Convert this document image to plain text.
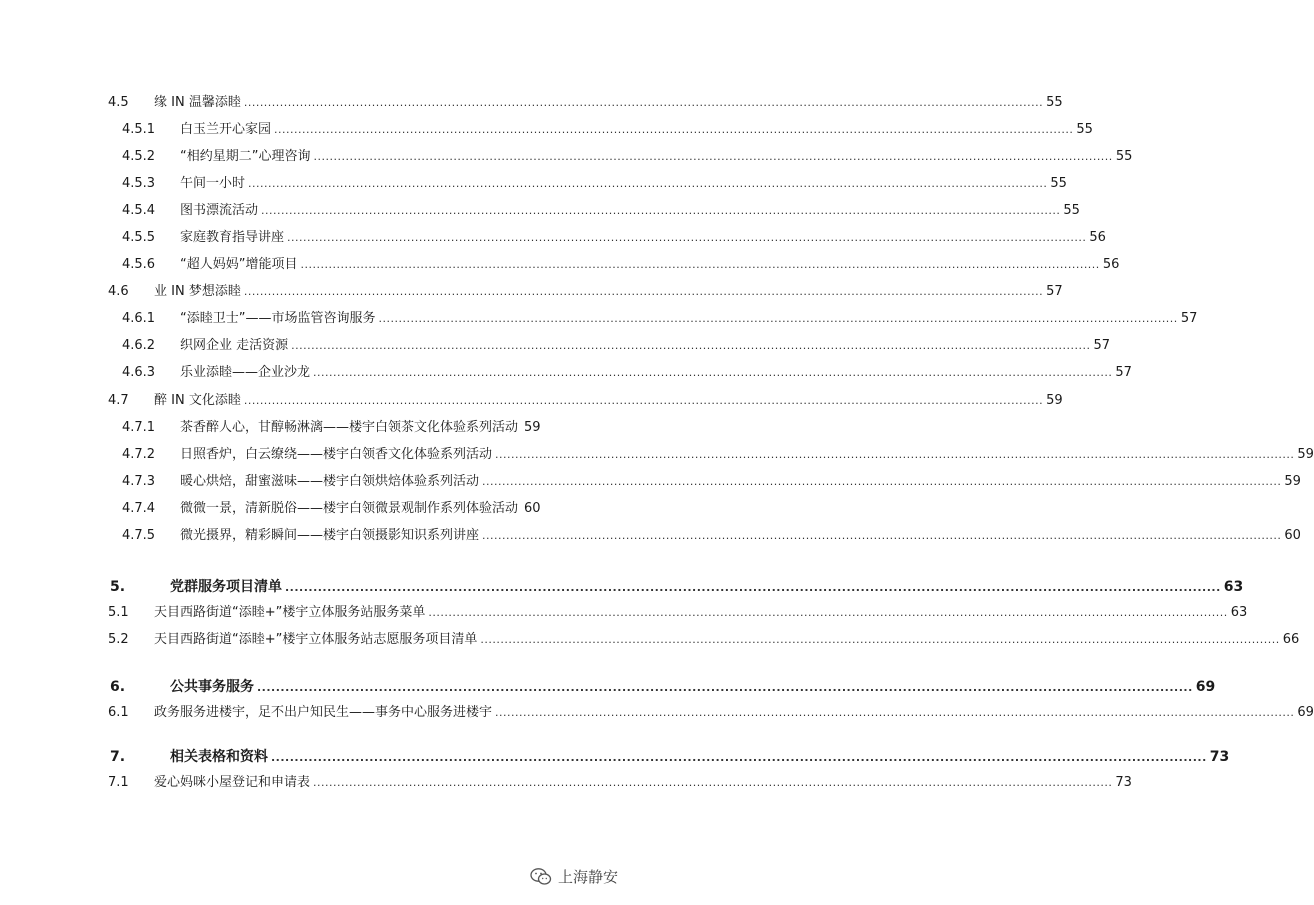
4.5	缘 IN 温馨添睦 ........................................................................................................................................................................................................ 55
4.5.1	白玉兰开心家园 ........................................................................................................................................................................................................ 55
4.5.2	“相约星期二”心理咨询 ........................................................................................................................................................................................................ 55
4.5.3	午间一小时 ........................................................................................................................................................................................................ 55
4.5.4	图书漂流活动 ........................................................................................................................................................................................................ 55
4.5.5	家庭教育指导讲座 ........................................................................................................................................................................................................ 56
4.5.6	“超人妈妈”增能项目 ........................................................................................................................................................................................................ 56
4.6	业 IN 梦想添睦 ........................................................................................................................................................................................................ 57
4.6.1	“添睦卫士”——市场监管咨询服务 ........................................................................................................................................................................................................ 57
4.6.2	织网企业 走活资源 ........................................................................................................................................................................................................ 57
4.6.3	乐业添睦——企业沙龙 ........................................................................................................................................................................................................ 57
4.7	醉 IN 文化添睦 ........................................................................................................................................................................................................ 59
4.7.1	茶香醉人心，甘醇畅淋漓——楼宇白领茶文化体验系列活动 59
4.7.2	日照香炉，白云缭绕——楼宇白领香文化体验系列活动 ........................................................................................................................................................................................................ 59
4.7.3	暖心烘焙，甜蜜滋味——楼宇白领烘焙体验系列活动 ........................................................................................................................................................................................................ 59
4.7.4	微微一景，清新脱俗——楼宇白领微景观制作系列体验活动 60
4.7.5	微光摄界，精彩瞬间——楼宇白领摄影知识系列讲座 ........................................................................................................................................................................................................ 60
5.	党群服务项目清单 ........................................................................................................................................................................................................ 63
5.1	天目西路街道“添睦+”楼宇立体服务站服务菜单 ........................................................................................................................................................................................................ 63
5.2	天目西路街道“添睦+”楼宇立体服务站志愿服务项目清单 ........................................................................................................................................................................................................ 66
6.	公共事务服务 ........................................................................................................................................................................................................ 69
6.1	政务服务进楼宇，足不出户知民生——事务中心服务进楼宇 ........................................................................................................................................................................................................ 69
7.	相关表格和资料 ........................................................................................................................................................................................................ 73
7.1	爱心妈咪小屋登记和申请表 ........................................................................................................................................................................................................ 73
上海静安
